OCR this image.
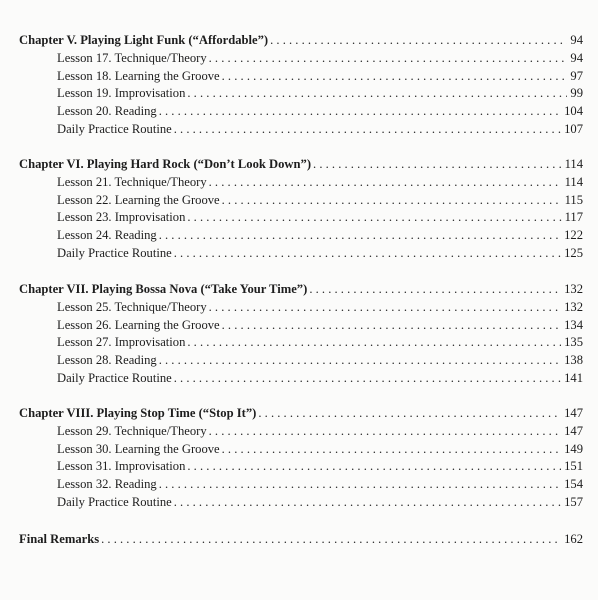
Chapter V. Playing Light Funk (“Affordable”) . . .	94
Lesson 17. Technique/Theory . . .	94
Lesson 18. Learning the Groove . . .	97
Lesson 19. Improvisation . . .	99
Lesson 20. Reading . . .	104
Daily Practice Routine . . .	107
Chapter VI. Playing Hard Rock (“Don’t Look Down”) . . .	114
Lesson 21. Technique/Theory . . .	114
Lesson 22. Learning the Groove . . .	115
Lesson 23. Improvisation . . .	117
Lesson 24. Reading . . .	122
Daily Practice Routine . . .	125
Chapter VII. Playing Bossa Nova (“Take Your Time”) . . .	132
Lesson 25. Technique/Theory . . .	132
Lesson 26. Learning the Groove . . .	134
Lesson 27. Improvisation . . .	135
Lesson 28. Reading . . .	138
Daily Practice Routine . . .	141
Chapter VIII. Playing Stop Time (“Stop It”) . . .	147
Lesson 29. Technique/Theory . . .	147
Lesson 30. Learning the Groove . . .	149
Lesson 31. Improvisation . . .	151
Lesson 32. Reading . . .	154
Daily Practice Routine . . .	157
Final Remarks . . .	162
